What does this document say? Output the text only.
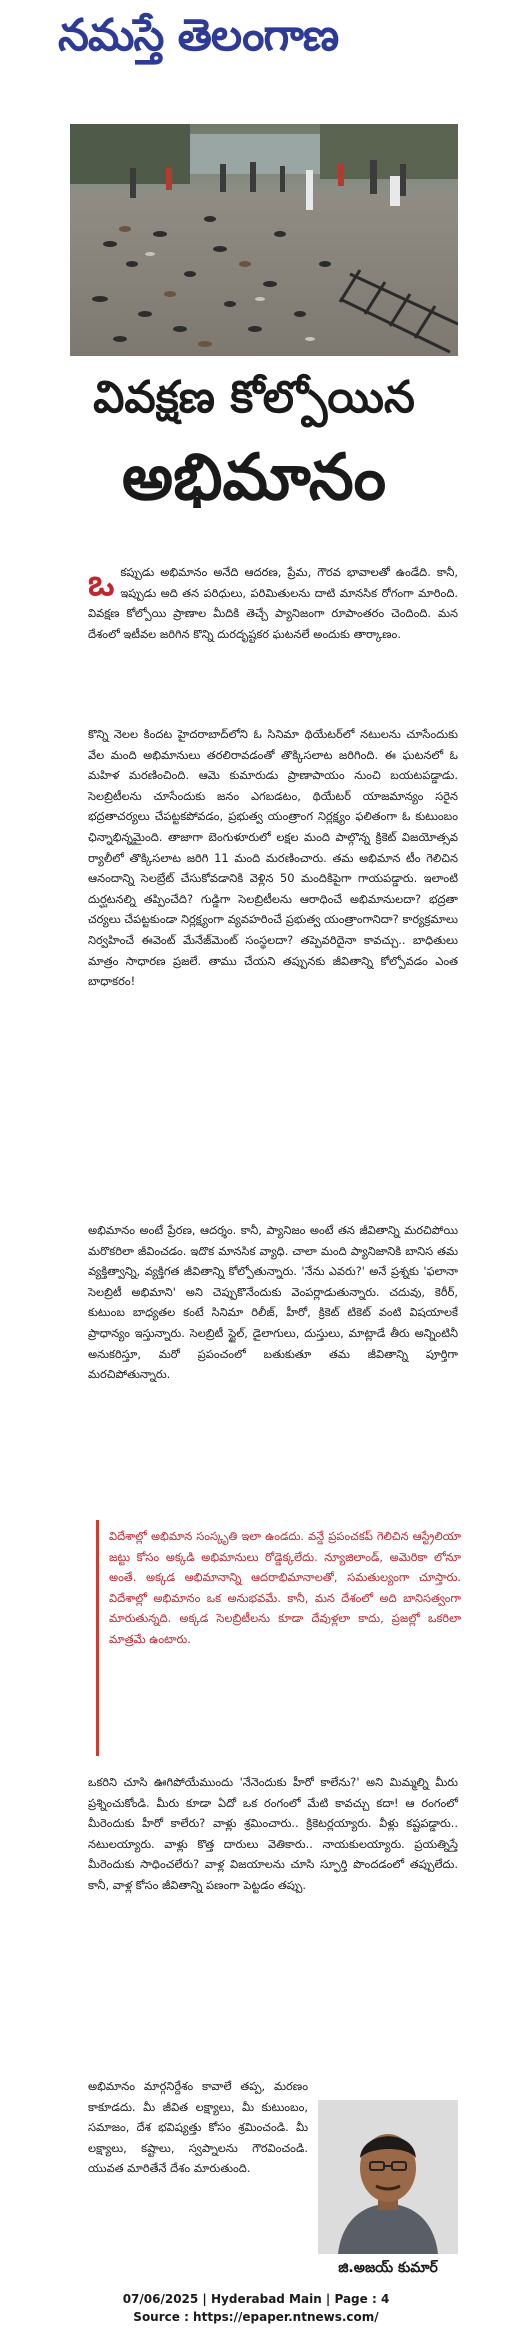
నమస్తే తెలంగాణ
వివక్షణ కోల్పోయిన
అభిమానం

ఒకప్పుడు అభిమానం అనేది ఆదరణ, ప్రేమ, గౌరవ భావాలతో ఉండేది. కానీ, ఇప్పుడు అది తన పరిధులు, పరిమితులను దాటి మానసిక రోగంగా మారింది. వివక్షణ కోల్పోయి ప్రాణాల మీదికి తెచ్చే ప్యానిజంగా రూపాంతరం చెందింది. మన దేశంలో ఇటీవల జరిగిన కొన్ని దురదృష్టకర ఘటనలే అందుకు తార్కాణం.

కొన్ని నెలల కిందట హైదరాబాద్‌లోని ఓ సినిమా థియేటర్‌లో నటులను చూసేందుకు వేల మంది అభిమానులు తరలిరావడంతో తొక్కిసలాట జరిగింది. ఈ ఘటనలో ఓ మహిళ మరణించింది. ఆమె కుమారుడు ప్రాణాపాయం నుంచి బయటపడ్డాడు. సెలబ్రిటీలను చూసేందుకు జనం ఎగబడటం, థియేటర్ యాజమాన్యం సరైన భద్రతాచర్యలు చేపట్టకపోవడం, ప్రభుత్వ యంత్రాంగ నిర్లక్ష్యం ఫలితంగా ఓ కుటుంబం ఛిన్నాభిన్నమైంది. తాజాగా బెంగుళూరులో లక్షల మంది పాల్గొన్న క్రికెట్ విజయోత్సవ ర్యాలీలో తొక్కిసలాట జరిగి 11 మంది మరణించారు. తమ అభిమాన టీం గెలిచిన ఆనందాన్ని సెలబ్రేట్ చేసుకోవడానికి వెళ్లిన 50 మందికిపైగా గాయపడ్డారు. ఇలాంటి దుర్ఘటనల్ని తప్పించేది? గుడ్డిగా సెలబ్రిటీలను ఆరాధించే అభిమానులదా? భద్రతా చర్యలు చేపట్టకుండా నిర్లక్ష్యంగా వ్యవహరించే ప్రభుత్వ యంత్రాంగానిదా? కార్యక్రమాలు నిర్వహించే ఈవెంట్ మేనేజ్‌మెంట్ సంస్థలదా? తప్పెవరిదైనా కావచ్చు.. బాధితులు మాత్రం సాధారణ ప్రజలే. తాము చేయని తప్పునకు జీవితాన్ని కోల్పోవడం ఎంత బాధాకరం!

అభిమానం అంటే ప్రేరణ, ఆదర్శం. కానీ, ప్యానిజం అంటే తన జీవితాన్ని మరచిపోయి మరొకరిలా జీవించడం. ఇదొక మానసిక వ్యాధి. చాలా మంది ప్యానిజానికి బానిస తమ వ్యక్తిత్వాన్ని, వ్యక్తిగత జీవితాన్ని కోల్పోతున్నారు. 'నేను ఎవరు?' అనే ప్రశ్నకు 'ఫలానా సెలబ్రిటీ అభిమాని' అని చెప్పుకొనేందుకు వెంపర్లాడుతున్నారు. చదువు, కెరీర్, కుటుంబ బాధ్యతల కంటే సినిమా రిలీజ్, హీరో, క్రికెట్ టికెట్ వంటి విషయాలకే ప్రాధాన్యం ఇస్తున్నారు. సెలబ్రిటీ స్టైల్, డైలాగులు, దుస్తులు, మాట్లాడే తీరు అన్నింటినీ అనుకరిస్తూ, మరో ప్రపంచంలో బతుకుతూ తమ జీవితాన్ని పూర్తిగా మరచిపోతున్నారు.

విదేశాల్లో అభిమాన సంస్కృతి ఇలా ఉండదు. వన్డే ప్రపంచకప్ గెలిచిన ఆస్ట్రేలియా జట్టు కోసం అక్కడి అభిమానులు రోడ్డెక్కలేదు. న్యూజిలాండ్, అమెరికా లోనూ అంతే. అక్కడ అభిమానాన్ని ఆదరాభిమానాలతో, సమతుల్యంగా చూస్తారు. విదేశాల్లో అభిమానం ఒక అనుభవమే. కానీ, మన దేశంలో అది బానిసత్వంగా మారుతున్నది. అక్కడ సెలబ్రిటీలను కూడా దేవుళ్లలా కాదు, ప్రజల్లో ఒకరిలా మాత్రమే ఉంటారు.

ఒకరిని చూసి ఊగిపోయేముందు 'నేనెందుకు హీరో కాలేను?' అని మిమ్మల్ని మీరు ప్రశ్నించుకోండి. మీరు కూడా ఏదో ఒక రంగంలో మేటి కావచ్చు కదా! ఆ రంగంలో మీరెందుకు హీరో కాలేరు? వాళ్లు శ్రమించారు.. క్రికెటర్లయ్యారు. వీళ్లు కష్టపడ్డారు.. నటులయ్యారు. వాళ్లు కొత్త దారులు వెతికారు.. నాయకులయ్యారు. ప్రయత్నిస్తే మీరెందుకు సాధించలేరు? వాళ్ల విజయాలను చూసి స్ఫూర్తి పొందడంలో తప్పులేదు. కానీ, వాళ్ల కోసం జీవితాన్ని పణంగా పెట్టడం తప్పు.

అభిమానం మార్గనిర్దేశం కావాలే తప్ప, మరణం కాకూడదు. మీ జీవిత లక్ష్యాలు, మీ కుటుంబం, సమాజం, దేశ భవిష్యత్తు కోసం శ్రమించండి. మీ లక్ష్యాలు, కష్టాలు, స్వప్నాలను గౌరవించండి. యువత మారితేనే దేశం మారుతుంది.

జి.అజయ్ కుమార్
07/06/2025 | Hyderabad Main | Page : 4
Source : https://epaper.ntnews.com/
